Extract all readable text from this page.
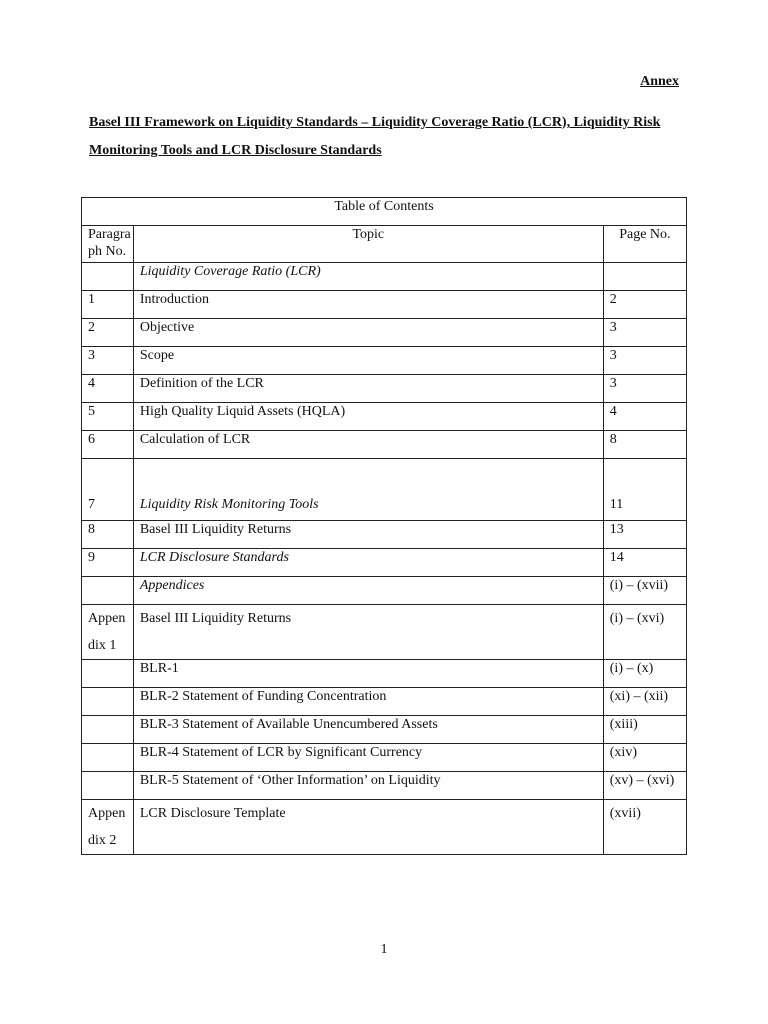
Annex
Basel III Framework on Liquidity Standards – Liquidity Coverage Ratio (LCR), Liquidity Risk Monitoring Tools and LCR Disclosure Standards
Table of Contents		
Paragra ph No.	Topic	Page No.
	Liquidity Coverage Ratio (LCR)	
1	Introduction	2
2	Objective	3
3	Scope	3
4	Definition of the LCR	3
5	High Quality Liquid Assets (HQLA)	4
6	Calculation of LCR	8
7	Liquidity Risk Monitoring Tools	11
8	Basel III Liquidity Returns	13
9	LCR Disclosure Standards	14
	Appendices	(i) – (xvii)
Appen dix 1	Basel III Liquidity Returns	(i) – (xvi)
	BLR-1	(i) – (x)
	BLR-2 Statement of Funding Concentration	(xi) – (xii)
	BLR-3 Statement of Available Unencumbered Assets	(xiii)
	BLR-4 Statement of LCR by Significant Currency	(xiv)
	BLR-5 Statement of ‘Other Information’ on Liquidity	(xv) – (xvi)
Appen dix 2	LCR Disclosure Template	(xvii)
1
